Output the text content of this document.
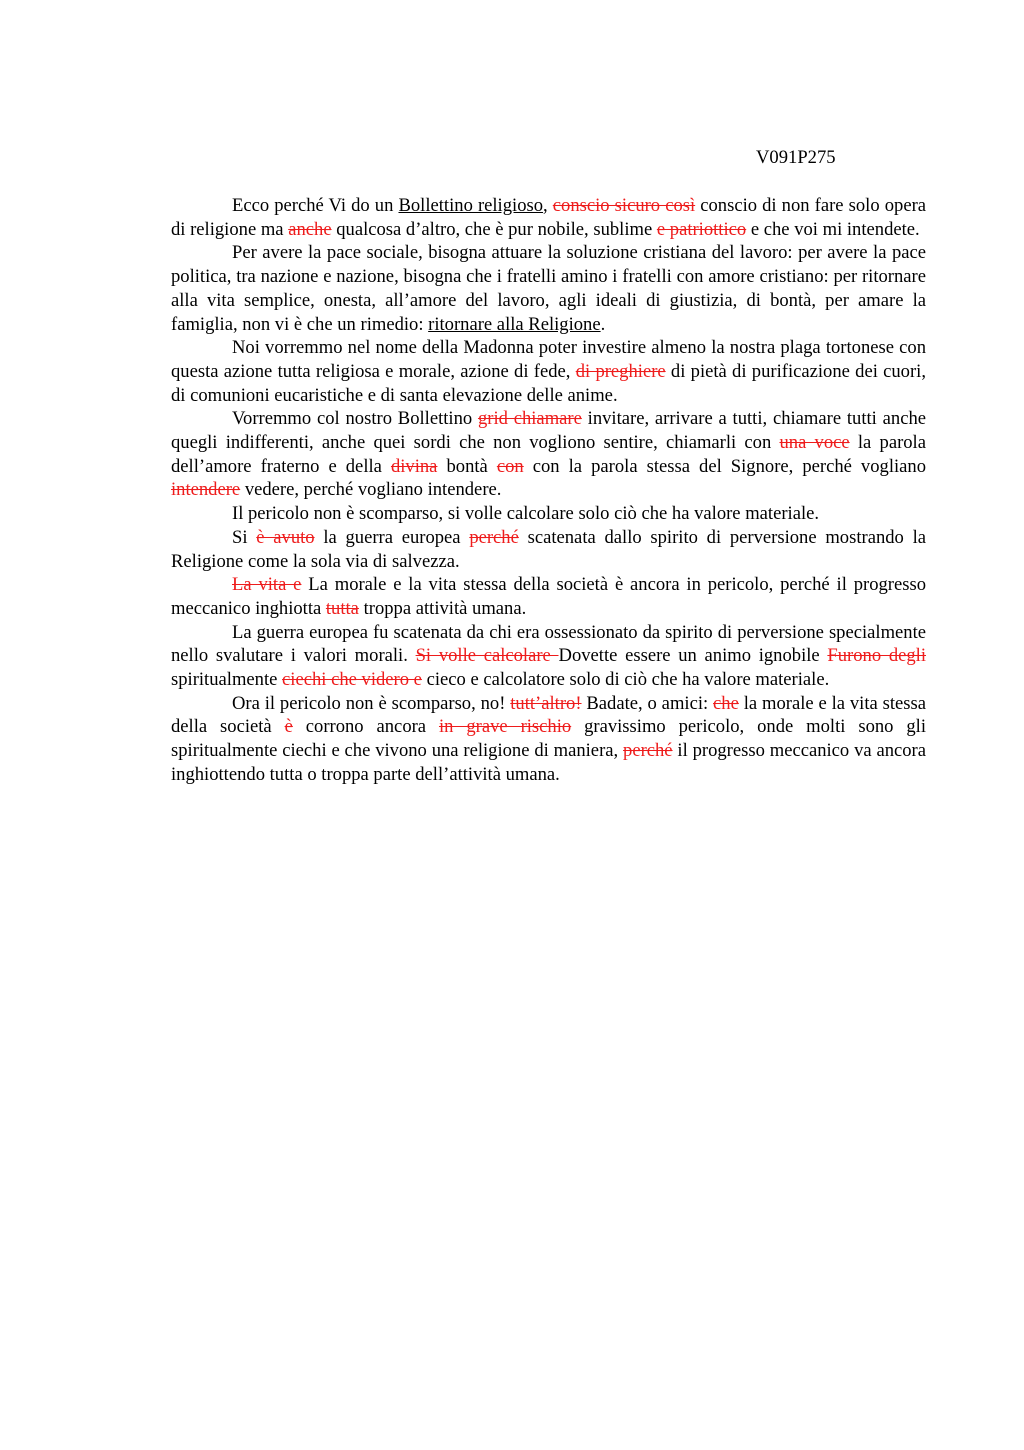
V091P275

Ecco perché Vi do un Bollettino religioso, conscio sicuro così conscio di non fare solo opera di religione ma anche qualcosa d’altro, che è pur nobile, sublime e patriottico e che voi mi intendete.

Per avere la pace sociale, bisogna attuare la soluzione cristiana del lavoro: per avere la pace politica, tra nazione e nazione, bisogna che i fratelli amino i fratelli con amore cristiano: per ritornare alla vita semplice, onesta, all’amore del lavoro, agli ideali di giustizia, di bontà, per amare la famiglia, non vi è che un rimedio: ritornare alla Religione.

Noi vorremmo nel nome della Madonna poter investire almeno la nostra plaga tortonese con questa azione tutta religiosa e morale, azione di fede, di preghiere di pietà di purificazione dei cuori, di comunioni eucaristiche e di santa elevazione delle anime.

Vorremmo col nostro Bollettino grid chiamare invitare, arrivare a tutti, chiamare tutti anche quegli indifferenti, anche quei sordi che non vogliono sentire, chiamarli con una voce la parola dell’amore fraterno e della divina bontà con con la parola stessa del Signore, perché vogliano intendere vedere, perché vogliano intendere.

Il pericolo non è scomparso, si volle calcolare solo ciò che ha valore materiale.

Si è avuto la guerra europea perché scatenata dallo spirito di perversione mostrando la Religione come la sola via di salvezza.

La vita e La morale e la vita stessa della società è ancora in pericolo, perché il progresso meccanico inghiotta tutta troppa attività umana.

La guerra europea fu scatenata da chi era ossessionato da spirito di perversione specialmente nello svalutare i valori morali. Si volle calcolare Dovette essere un animo ignobile Furono degli spiritualmente ciechi che videro e cieco e calcolatore solo di ciò che ha valore materiale.

Ora il pericolo non è scomparso, no! tutt’altro! Badate, o amici: che la morale e la vita stessa della società è corrono ancora in grave rischio gravissimo pericolo, onde molti sono gli spiritualmente ciechi e che vivono una religione di maniera, perché il progresso meccanico va ancora inghiottendo tutta o troppa parte dell’attività umana.
